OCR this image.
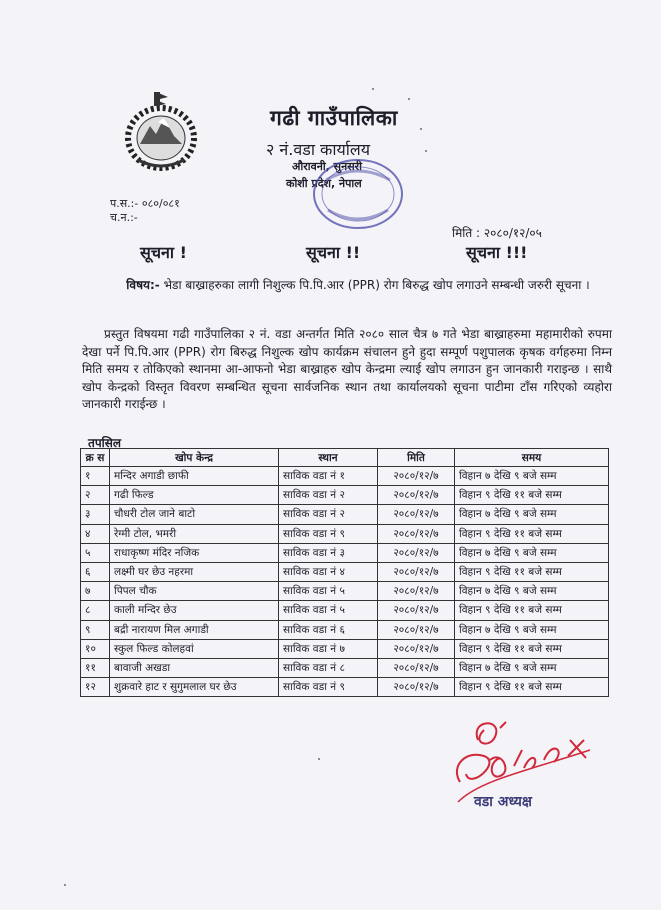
गढी गाउँपालिका
२ नं.वडा कार्यालय
औरावनी, सुनसरी
कोशी प्रदेश, नेपाल
प.स.:- ०८०/०८१
च.न.:-
मिति : २०८०/१२/०५
सूचना !	सूचना !!	सूचना !!!
विषय:- भेडा बाख्राहरुका लागी निशुल्क पि.पि.आर (PPR) रोग बिरुद्ध खोप लगाउने सम्बन्धी जरुरी सूचना ।
प्रस्तुत विषयमा गढी गाउँपालिका २ नं. वडा अन्तर्गत मिति २०८० साल चैत्र ७ गते भेडा बाख्राहरुमा महामारीको रुपमा देखा पर्ने पि.पि.आर (PPR) रोग बिरुद्ध निशुल्क खोप कार्यक्रम संचालन हुने हुदा सम्पूर्ण पशुपालक कृषक वर्गहरुमा निम्न मिति समय र तोकिएको स्थानमा आ-आफनो भेडा बाख्राहरु खोप केन्द्रमा ल्याई खोप लगाउन हुन जानकारी गराइन्छ । साथै खोप केन्द्रको विस्तृत विवरण सम्बन्धित सूचना सार्वजनिक स्थान तथा कार्यालयको सूचना पाटीमा टाँस गरिएको व्यहोरा जानकारी गराईन्छ ।
तपसिल
क्र स	खोप केन्द्र	स्थान	मिति	समय
१	मन्दिर अगाडी छाफी	साविक वडा नं १	२०८०/१२/७	विहान ७ देखि ९ बजे सम्म
२	गढी फिल्ड	साविक वडा नं २	२०८०/१२/७	विहान ९ देखि ११ बजे सम्म
३	चौधरी टोल जाने बाटो	साविक वडा नं २	२०८०/१२/७	विहान ७ देखि ९ बजे सम्म
४	रेग्मी टोल, भमरी	साविक वडा नं ९	२०८०/१२/७	विहान ९ देखि ११ बजे सम्म
५	राधाकृष्ण मंदिर नजिक	साविक वडा नं ३	२०८०/१२/७	विहान ७ देखि ९ बजे सम्म
६	लक्ष्मी घर छेउ नहरमा	साविक वडा नं ४	२०८०/१२/७	विहान ९ देखि ११ बजे सम्म
७	पिपल चौक	साविक वडा नं ५	२०८०/१२/७	विहान ७ देखि ९ बजे सम्म
८	काली मन्दिर छेउ	साविक वडा नं ५	२०८०/१२/७	विहान ९ देखि ११ बजे सम्म
९	बद्री नारायण मिल अगाडी	साविक वडा नं ६	२०८०/१२/७	विहान ७ देखि ९ बजे सम्म
१०	स्कुल फिल्ड कोलहवां	साविक वडा नं ७	२०८०/१२/७	विहान ९ देखि ११ बजे सम्म
११	बावाजी अखडा	साविक वडा नं ८	२०८०/१२/७	विहान ७ देखि ९ बजे सम्म
१२	शुक्रवारे हाट र सुगुमलाल घर छेउ	साविक वडा नं ९	२०८०/१२/७	विहान ९ देखि ११ बजे सम्म
वडा अध्यक्ष
